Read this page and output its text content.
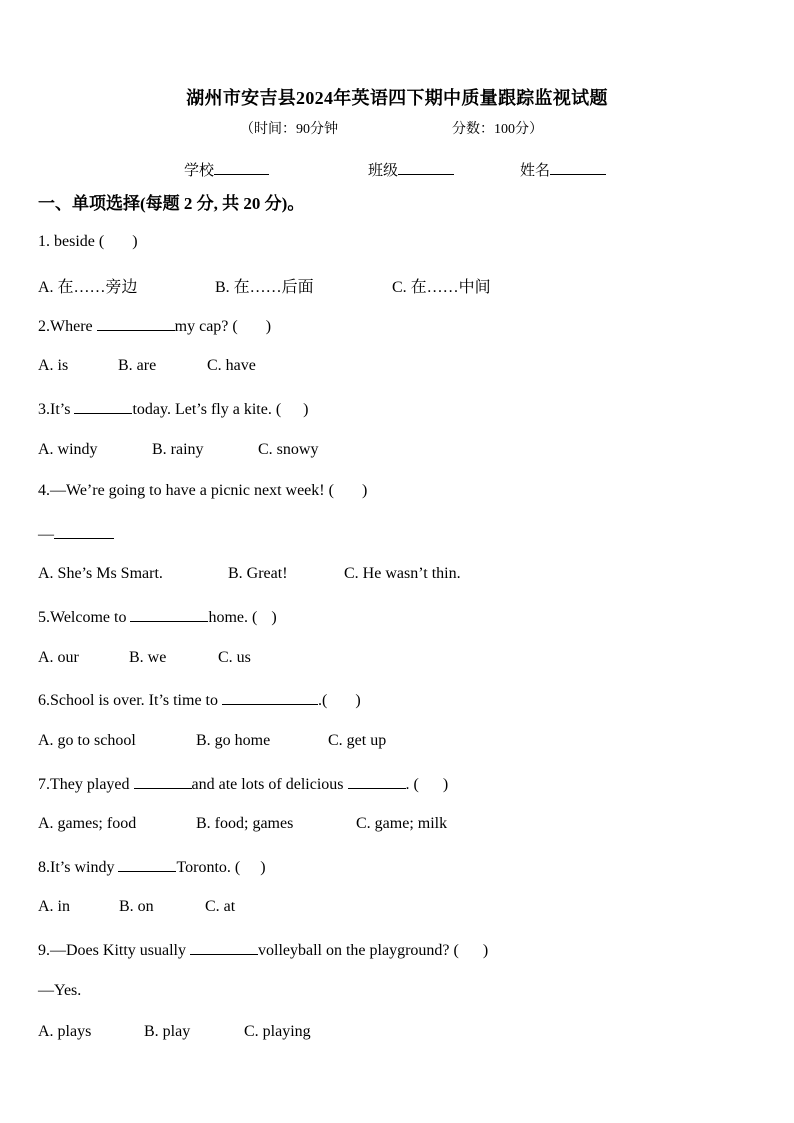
湖州市安吉县2024年英语四下期中质量跟踪监视试题
（时间：90分钟	分数：100分）
学校	班级	姓名
一、单项选择(每题 2 分, 共 20 分)。
1. beside ( )
A. 在……旁边	B. 在……后面	C. 在……中间
2.Where	my cap? ( )
A. is	B. are	C. have
3.It’s	today. Let’s fly a kite. ( )
A. windy	B. rainy	C. snowy
4.—We’re going to have a picnic next week! ( )
—
A. She’s Ms Smart.	B. Great!	C. He wasn’t thin.
5.Welcome to	home. ( )
A. our	B. we	C. us
6.School is over. It’s time to	.( )
A. go to school	B. go home	C. get up
7.They played	and ate lots of delicious	. ( )
A. games; food	B. food; games	C. game; milk
8.It’s windy	Toronto. ( )
A. in	B. on	C. at
9.—Does Kitty usually	volleyball on the playground? ( )
—Yes.
A. plays	B. play	C. playing
